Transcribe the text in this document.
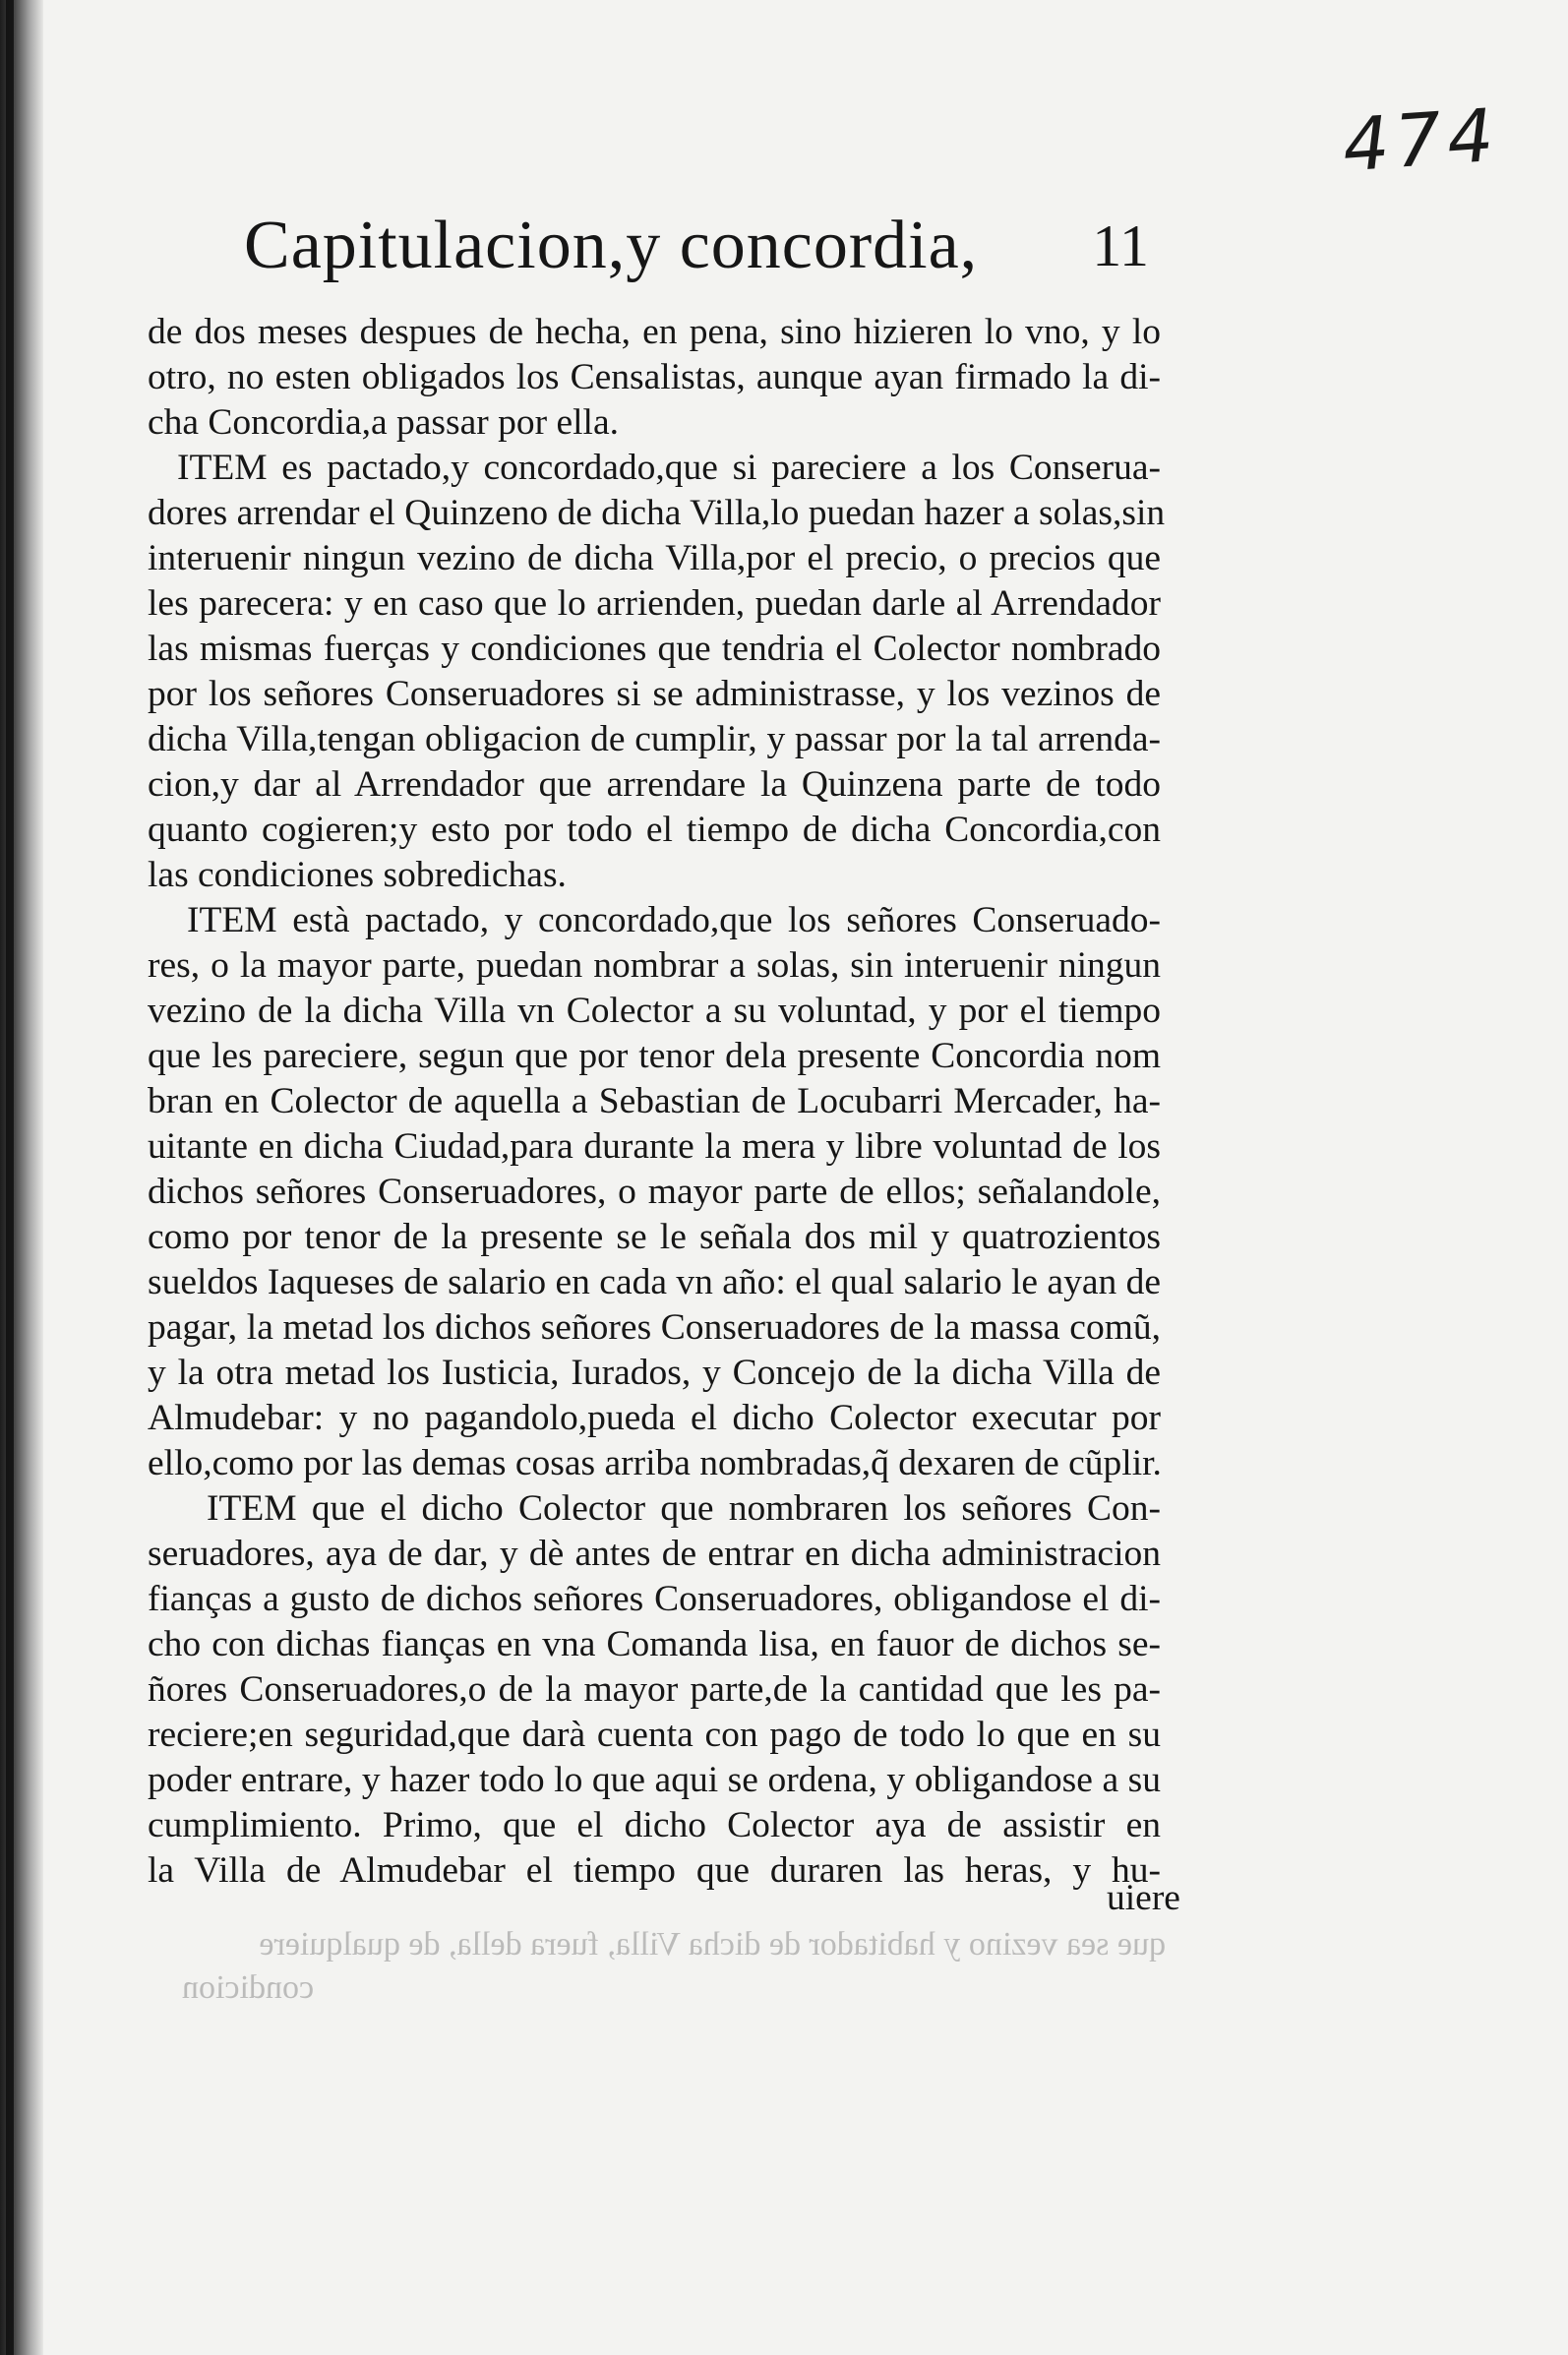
474
Capitulacion,y concordia, 11
de dos meses despues de hecha, en pena, sino hizieren lo vno, y lo
otro, no esten obligados los Censalistas, aunque ayan firmado la di-
cha Concordia,a passar por ella.
ITEM es pactado,y concordado,que si pareciere a los Conserua-
dores arrendar el Quinzeno de dicha Villa,lo puedan hazer a solas,sin
interuenir ningun vezino de dicha Villa,por el precio, o precios que
les parecera: y en caso que lo arrienden, puedan darle al Arrendador
las mismas fuerças y condiciones que tendria el Colector nombrado
por los señores Conseruadores si se administrasse, y los vezinos de
dicha Villa,tengan obligacion de cumplir, y passar por la tal arrenda-
cion,y dar al Arrendador que arrendare la Quinzena parte de todo
quanto cogieren;y esto por todo el tiempo de dicha Concordia,con
las condiciones sobredichas.
ITEM està pactado, y concordado,que los señores Conseruado-
res, o la mayor parte, puedan nombrar a solas, sin interuenir ningun
vezino de la dicha Villa vn Colector a su voluntad, y por el tiempo
que les pareciere, segun que por tenor dela presente Concordia nom
bran en Colector de aquella a Sebastian de Locubarri Mercader, ha-
uitante en dicha Ciudad,para durante la mera y libre voluntad de los
dichos señores Conseruadores, o mayor parte de ellos; señalandole,
como por tenor de la presente se le señala dos mil y quatrozientos
sueldos Iaqueses de salario en cada vn año: el qual salario le ayan de
pagar, la metad los dichos señores Conseruadores de la massa comũ,
y la otra metad los Iusticia, Iurados, y Concejo de la dicha Villa de
Almudebar: y no pagandolo,pueda el dicho Colector executar por
ello,como por las demas cosas arriba nombradas,q̃ dexaren de cũplir.
ITEM que el dicho Colector que nombraren los señores Con-
seruadores, aya de dar, y dè antes de entrar en dicha administracion
fianças a gusto de dichos señores Conseruadores, obligandose el di-
cho con dichas fianças en vna Comanda lisa, en fauor de dichos se-
ñores Conseruadores,o de la mayor parte,de la cantidad que les pa-
reciere;en seguridad,que darà cuenta con pago de todo lo que en su
poder entrare, y hazer todo lo que aqui se ordena, y obligandose a su
cumplimiento. Primo, que el dicho Colector aya de assistir en
la Villa de Almudebar el tiempo que duraren las heras, y hu-
uiere
que sea vezino y habitador de dicha Villa, fuera della, de qualquiere
condicion
